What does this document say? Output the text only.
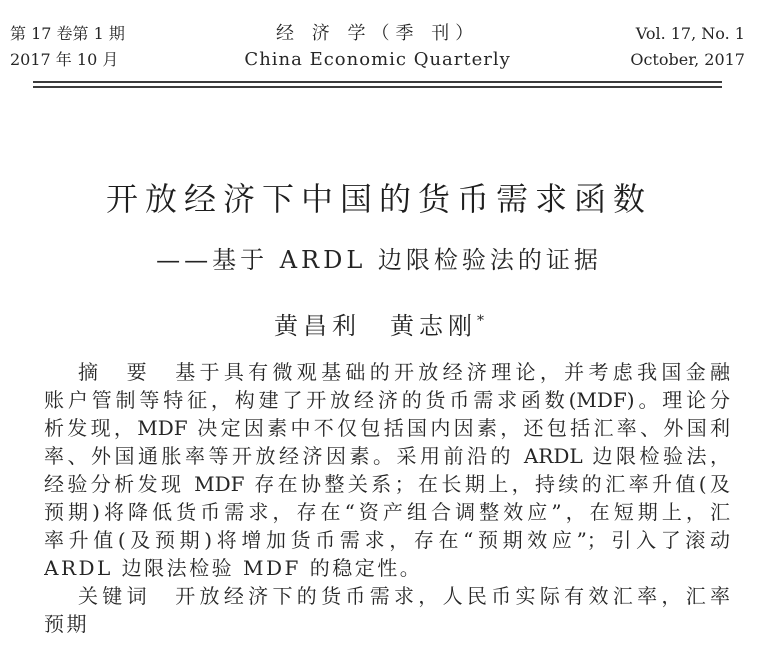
第 17 卷第 1 期
2017 年 10 月
经 济 学（季 刊）
China Economic Quarterly
Vol. 17, No. 1
October, 2017
开放经济下中国的货币需求函数
——基于 ARDL 边限检验法的证据
黄昌利　黄志刚*
摘　要　基于具有微观基础的开放经济理论，并考虑我国金融
账户管制等特征，构建了开放经济的货币需求函数(MDF)。理论分
析发现，MDF 决定因素中不仅包括国内因素，还包括汇率、外国利
率、外国通胀率等开放经济因素。采用前沿的 ARDL 边限检验法，
经验分析发现 MDF 存在协整关系；在长期上，持续的汇率升值(及
预期)将降低货币需求，存在“资产组合调整效应”，在短期上，汇
率升值(及预期)将增加货币需求，存在“预期效应”；引入了滚动
ARDL 边限法检验 MDF 的稳定性。
关键词　开放经济下的货币需求，人民币实际有效汇率，汇率
预期
